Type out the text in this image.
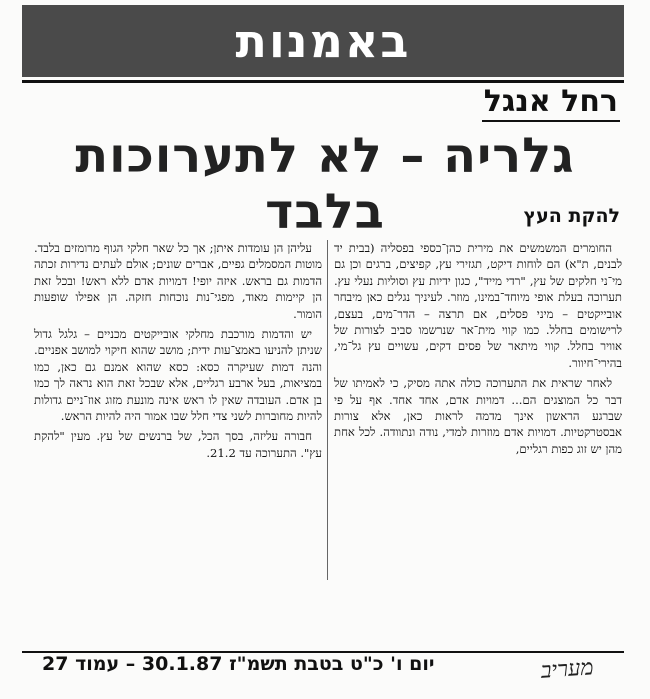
באמנות
רחל אנגל
גלריה – לא לתערוכות בלבד	להקת העץ

החומרים המשמשים את מירית כהן־כספי בפסליה (בבית יד לבנים, ת"א) הם לוחות דיקט, תגזירי עץ, קפיצים, ברגים וכן גם מי־ני חלקים של עץ, "רדי מייד", כגון ידיות עץ וסוליות נעלי עץ. תערוכה בעלת אופי מיוחד־במינו, מוזר. לעיניך נגלים כאן מיבחר אובייקטים – מיני פסלים, אם תרצה – הדר־מים, בעצם, לרישומים בחלל. כמו קווי מית־אר שנרשמו סביב לצורות של אוויר בחלל. קווי מיתאר של פסים דקים, עשויים עץ גל־מי, בהירי־חיוור.

לאחר שראית את התערוכה כולה אתה מסיק, כי לאמיתו של דבר כל המוצגים הם... דמויות אדם, אחד אחד. אף על פי שברגע הראשון אינך מדמה לראות כאן, אלא צורות אבסטרקטיות. דמויות אדם מוזרות למדי, נודה ונתוודה. לכל אחת מהן יש זוג כפות רגליים,

עליהן הן עומדות איתן; אך כל שאר חלקי הגוף מרומזים בלבד. מוטות המסמלים גפיים, אברים שונים; אולם לעתים נדירות זכתה הדמות גם בראש. איזה יופי! דמויות אדם ללא ראש! ובכל זאת הן קיימות מאוד, מפגי־נות נוכחות חזקה. הן אפילו שופעות הומור.

יש והדמות מורכבת מחלקי אובייקטים מכניים – גלגל גדול שניתן להניעו באמצ־עות ידית; מושב שהוא חיקוי למושב אפניים. והנה דמות שעיקרה כסא: כסא שהוא אמנם גם כאן, כמו במציאות, בעל ארבע רגליים, אלא שבכל זאת הוא נראה לך כמו בן אדם. העובדה שאין לו ראש אינה מונעת מזוג אוז־ניים גדולות להיות מחוברות לשני צדי חלל שבו אמור היה להיות הראש.

חבורה עליזה, בסך הכל, של ברנשים של עץ. מעין "להקת עץ". התערוכה עד 21.2.

יום ו' כ"ט בטבת תשמ"ז 30.1.87 – עמוד 27	מעריב
